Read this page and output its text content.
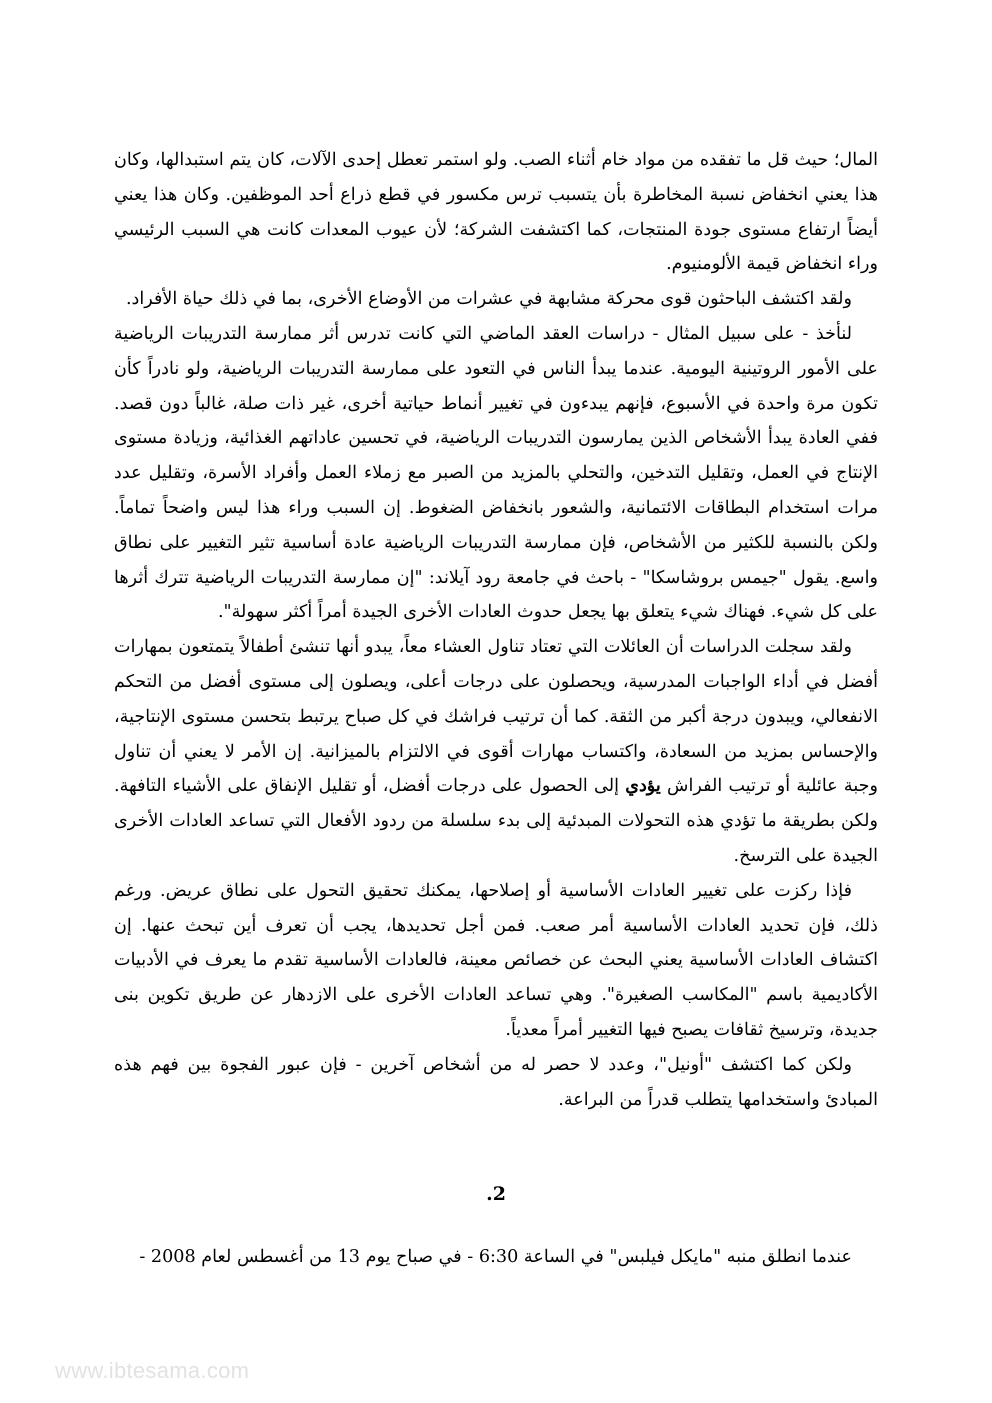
المال؛ حيث قل ما تفقده من مواد خام أثناء الصب. ولو استمر تعطل إحدى الآلات، كان يتم استبدالها، وكان هذا يعني انخفاض نسبة المخاطرة بأن يتسبب ترس مكسور في قطع ذراع أحد الموظفين. وكان هذا يعني أيضاً ارتفاع مستوى جودة المنتجات، كما اكتشفت الشركة؛ لأن عيوب المعدات كانت هي السبب الرئيسي وراء انخفاض قيمة الألومنيوم.

ولقد اكتشف الباحثون قوى محركة مشابهة في عشرات من الأوضاع الأخرى، بما في ذلك حياة الأفراد.

لنأخذ - على سبيل المثال - دراسات العقد الماضي التي كانت تدرس أثر ممارسة التدريبات الرياضية على الأمور الروتينية اليومية. عندما يبدأ الناس في التعود على ممارسة التدريبات الرياضية، ولو نادراً كأن تكون مرة واحدة في الأسبوع، فإنهم يبدءون في تغيير أنماط حياتية أخرى، غير ذات صلة، غالباً دون قصد. ففي العادة يبدأ الأشخاص الذين يمارسون التدريبات الرياضية، في تحسين عاداتهم الغذائية، وزيادة مستوى الإنتاج في العمل، وتقليل التدخين، والتحلي بالمزيد من الصبر مع زملاء العمل وأفراد الأسرة، وتقليل عدد مرات استخدام البطاقات الائتمانية، والشعور بانخفاض الضغوط. إن السبب وراء هذا ليس واضحاً تماماً. ولكن بالنسبة للكثير من الأشخاص، فإن ممارسة التدريبات الرياضية عادة أساسية تثير التغيير على نطاق واسع. يقول "جيمس بروشاسكا" - باحث في جامعة رود آيلاند: "إن ممارسة التدريبات الرياضية تترك أثرها على كل شيء. فهناك شيء يتعلق بها يجعل حدوث العادات الأخرى الجيدة أمراً أكثر سهولة".

ولقد سجلت الدراسات أن العائلات التي تعتاد تناول العشاء معاً، يبدو أنها تنشئ أطفالاً يتمتعون بمهارات أفضل في أداء الواجبات المدرسية، ويحصلون على درجات أعلى، ويصلون إلى مستوى أفضل من التحكم الانفعالي، ويبدون درجة أكبر من الثقة. كما أن ترتيب فراشك في كل صباح يرتبط بتحسن مستوى الإنتاجية، والإحساس بمزيد من السعادة، واكتساب مهارات أقوى في الالتزام بالميزانية. إن الأمر لا يعني أن تناول وجبة عائلية أو ترتيب الفراش يؤدي إلى الحصول على درجات أفضل، أو تقليل الإنفاق على الأشياء التافهة. ولكن بطريقة ما تؤدي هذه التحولات المبدئية إلى بدء سلسلة من ردود الأفعال التي تساعد العادات الأخرى الجيدة على الترسخ.

فإذا ركزت على تغيير العادات الأساسية أو إصلاحها، يمكنك تحقيق التحول على نطاق عريض. ورغم ذلك، فإن تحديد العادات الأساسية أمر صعب. فمن أجل تحديدها، يجب أن تعرف أين تبحث عنها. إن اكتشاف العادات الأساسية يعني البحث عن خصائص معينة، فالعادات الأساسية تقدم ما يعرف في الأدبيات الأكاديمية باسم "المكاسب الصغيرة". وهي تساعد العادات الأخرى على الازدهار عن طريق تكوين بنى جديدة، وترسيخ ثقافات يصبح فيها التغيير أمراً معدياً.

ولكن كما اكتشف "أونيل"، وعدد لا حصر له من أشخاص آخرين - فإن عبور الفجوة بين فهم هذه المبادئ واستخدامها يتطلب قدراً من البراعة.

.2

عندما انطلق منبه "مايكل فيلبس" في الساعة 6:30 - في صباح يوم 13 من أغسطس لعام 2008 -

www.ibtesama.com
